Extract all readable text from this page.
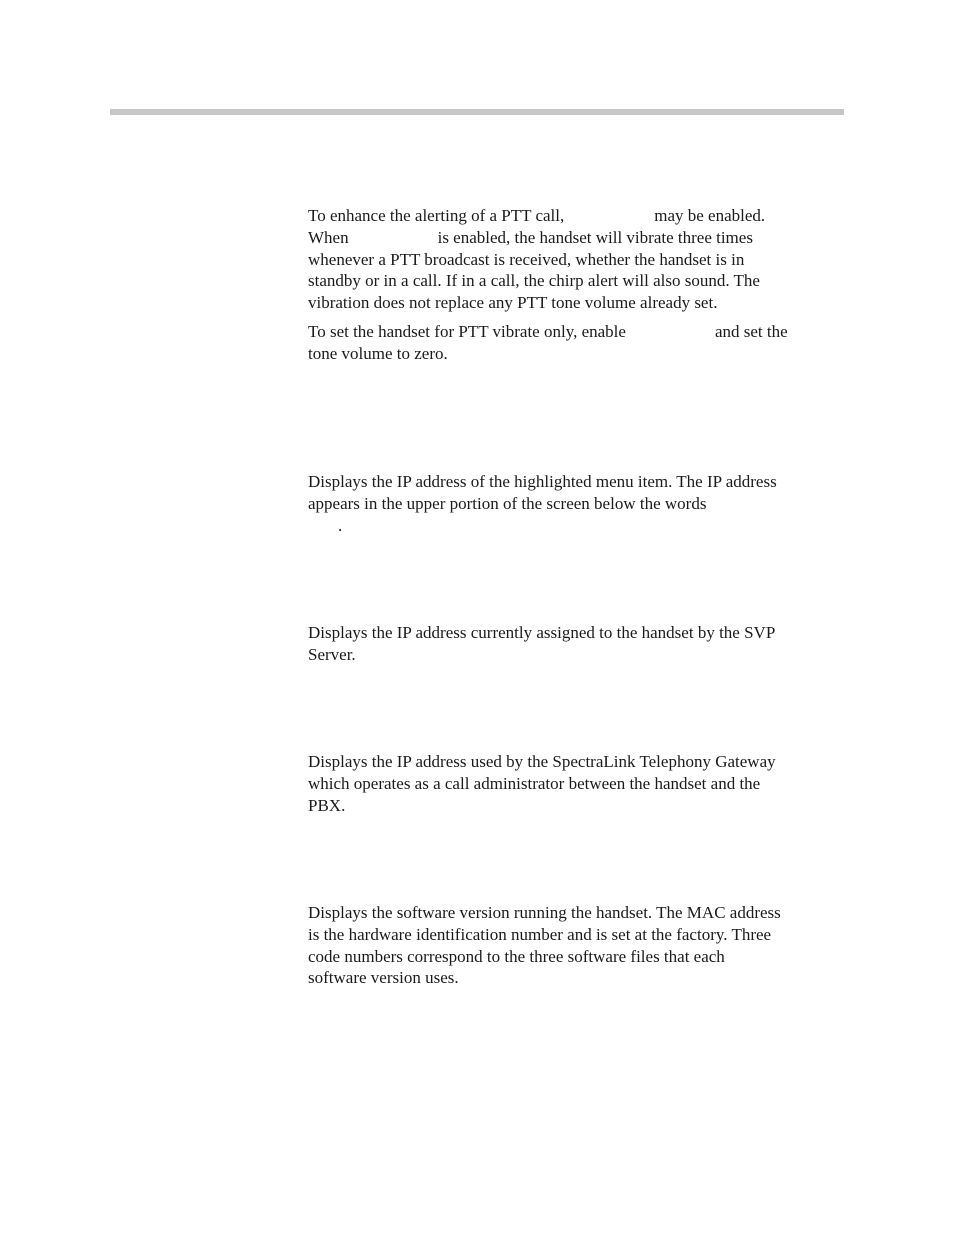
To enhance the alerting of a PTT call,	may be enabled.
When	is enabled, the handset will vibrate three times
whenever a PTT broadcast is received, whether the handset is in
standby or in a call. If in a call, the chirp alert will also sound. The
vibration does not replace any PTT tone volume already set.

To set the handset for PTT vibrate only, enable	and set the
tone volume to zero.

Displays the IP address of the highlighted menu item. The IP address
appears in the upper portion of the screen below the words
.

Displays the IP address currently assigned to the handset by the SVP
Server.

Displays the IP address used by the SpectraLink Telephony Gateway
which operates as a call administrator between the handset and the
PBX.

Displays the software version running the handset. The MAC address
is the hardware identification number and is set at the factory. Three
code numbers correspond to the three software files that each
software version uses.
